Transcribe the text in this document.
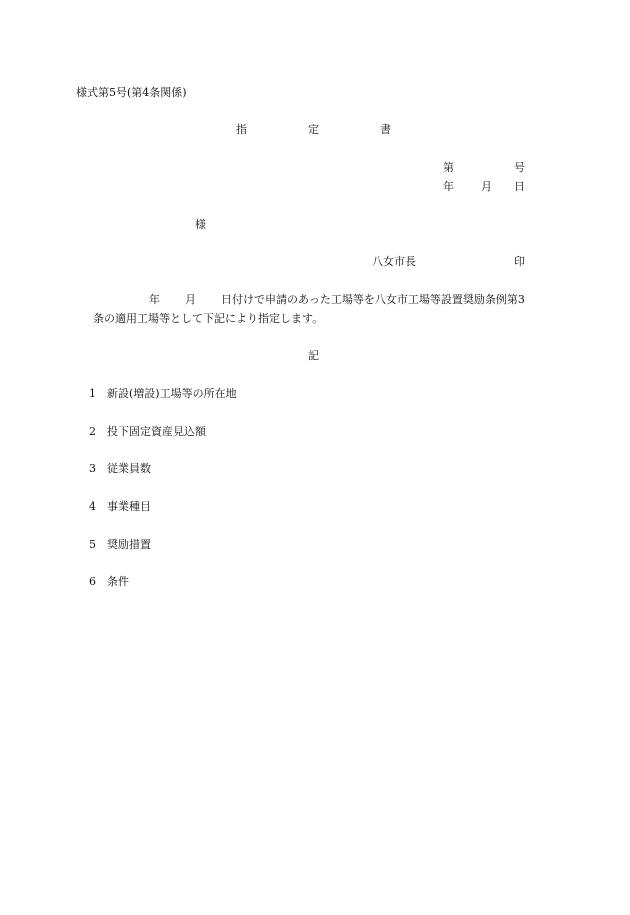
様式第5号(第4条関係)
指	定	書
第	号
年 月 日
様
八女市長	印
年 月 日付けで申請のあった工場等を八女市工場等設置奨励条例第3
条の適用工場等として下記により指定します。
記
1 新設(増設)工場等の所在地
2 投下固定資産見込額
3 従業員数
4 事業種目
5 奨励措置
6 条件
